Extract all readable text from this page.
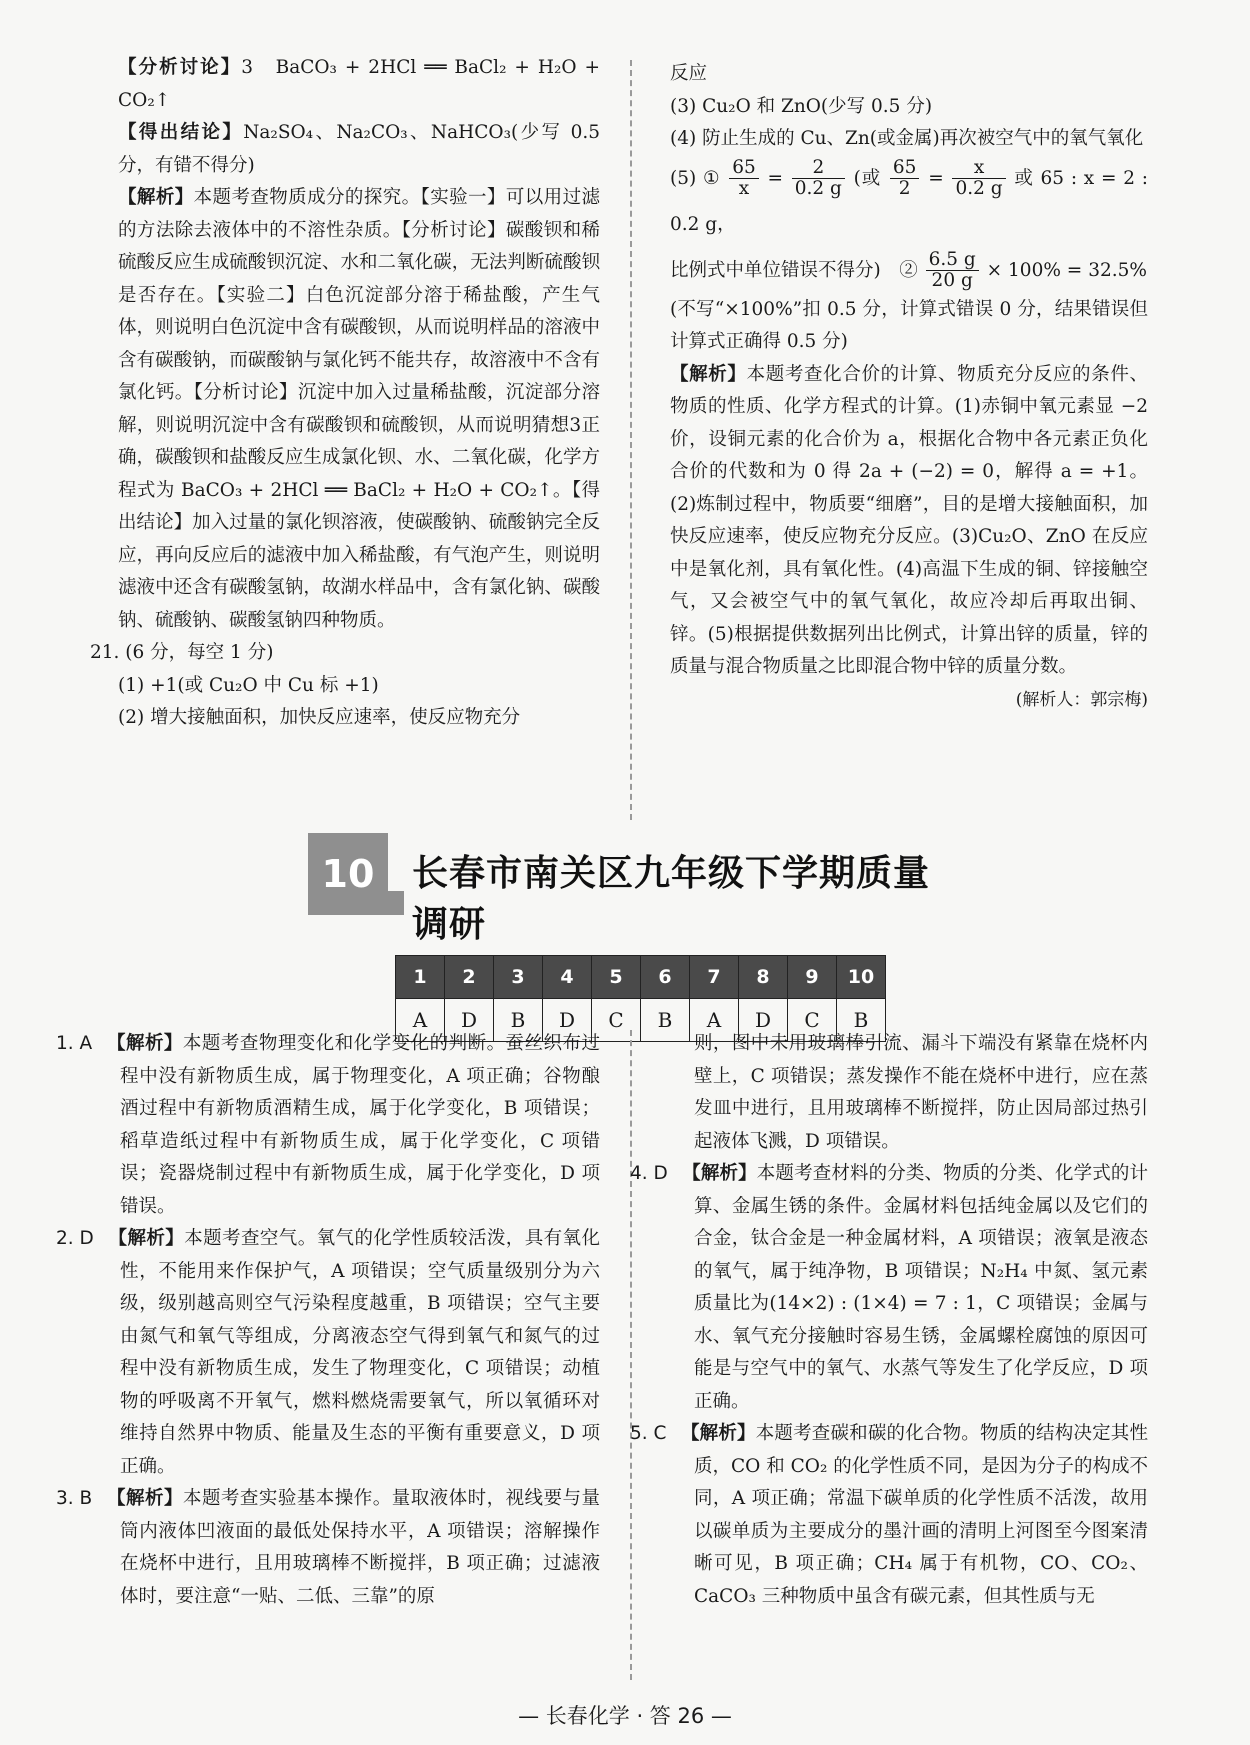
【分析讨论】3　BaCO₃ + 2HCl ══ BaCl₂ + H₂O + CO₂↑

【得出结论】Na₂SO₄、Na₂CO₃、NaHCO₃(少写 0.5 分，有错不得分)

【解析】本题考查物质成分的探究。【实验一】可以用过滤的方法除去液体中的不溶性杂质。【分析讨论】碳酸钡和稀硫酸反应生成硫酸钡沉淀、水和二氧化碳，无法判断硫酸钡是否存在。【实验二】白色沉淀部分溶于稀盐酸，产生气体，则说明白色沉淀中含有碳酸钡，从而说明样品的溶液中含有碳酸钠，而碳酸钠与氯化钙不能共存，故溶液中不含有氯化钙。【分析讨论】沉淀中加入过量稀盐酸，沉淀部分溶解，则说明沉淀中含有碳酸钡和硫酸钡，从而说明猜想3正确，碳酸钡和盐酸反应生成氯化钡、水、二氧化碳，化学方程式为 BaCO₃ + 2HCl ══ BaCl₂ + H₂O + CO₂↑。【得出结论】加入过量的氯化钡溶液，使碳酸钠、硫酸钠完全反应，再向反应后的滤液中加入稀盐酸，有气泡产生，则说明滤液中还含有碳酸氢钠，故湖水样品中，含有氯化钠、碳酸钠、硫酸钠、碳酸氢钠四种物质。

21. (6 分，每空 1 分)

(1) +1(或 Cu₂O 中 Cu 标 +1)

(2) 增大接触面积，加快反应速率，使反应物充分

反应

(3) Cu₂O 和 ZnO(少写 0.5 分)

(4) 防止生成的 Cu、Zn(或金属)再次被空气中的氧气氧化

(5) ① $\frac{65}{x} = \frac{2}{0.2 g}$ (或 $\frac{65}{2} = \frac{x}{0.2 g}$ 或 65 : x = 2 : 0.2 g，

比例式中单位错误不得分)　② $\frac{6.5 g}{20 g} \times 100\% = 32.5\%$

(不写“×100%”扣 0.5 分，计算式错误 0 分，结果错误但计算式正确得 0.5 分)

【解析】本题考查化合价的计算、物质充分反应的条件、物质的性质、化学方程式的计算。(1)赤铜中氧元素显 −2 价，设铜元素的化合价为 a，根据化合物中各元素正负化合价的代数和为 0 得 2a + (−2) = 0，解得 a = +1。(2)炼制过程中，物质要“细磨”，目的是增大接触面积，加快反应速率，使反应物充分反应。(3)Cu₂O、ZnO 在反应中是氧化剂，具有氧化性。(4)高温下生成的铜、锌接触空气，又会被空气中的氧气氧化，故应冷却后再取出铜、锌。(5)根据提供数据列出比例式，计算出锌的质量，锌的质量与混合物质量之比即混合物中锌的质量分数。

(解析人：郭宗梅)

10	长春市南关区九年级下学期质量调研
1	2	3	4	5	6	7	8	9	10
A	D	B	D	C	B	A	D	C	B

1. A 【解析】本题考查物理变化和化学变化的判断。蚕丝织布过程中没有新物质生成，属于物理变化，A 项正确；谷物酿酒过程中有新物质酒精生成，属于化学变化，B 项错误；稻草造纸过程中有新物质生成，属于化学变化，C 项错误；瓷器烧制过程中有新物质生成，属于化学变化，D 项错误。

2. D 【解析】本题考查空气。氧气的化学性质较活泼，具有氧化性，不能用来作保护气，A 项错误；空气质量级别分为六级，级别越高则空气污染程度越重，B 项错误；空气主要由氮气和氧气等组成，分离液态空气得到氧气和氮气的过程中没有新物质生成，发生了物理变化，C 项错误；动植物的呼吸离不开氧气，燃料燃烧需要氧气，所以氧循环对维持自然界中物质、能量及生态的平衡有重要意义，D 项正确。

3. B 【解析】本题考查实验基本操作。量取液体时，视线要与量筒内液体凹液面的最低处保持水平，A 项错误；溶解操作在烧杯中进行，且用玻璃棒不断搅拌，B 项正确；过滤液体时，要注意“一贴、二低、三靠”的原

则，图中未用玻璃棒引流、漏斗下端没有紧靠在烧杯内壁上，C 项错误；蒸发操作不能在烧杯中进行，应在蒸发皿中进行，且用玻璃棒不断搅拌，防止因局部过热引起液体飞溅，D 项错误。

4. D 【解析】本题考查材料的分类、物质的分类、化学式的计算、金属生锈的条件。金属材料包括纯金属以及它们的合金，钛合金是一种金属材料，A 项错误；液氧是液态的氧气，属于纯净物，B 项错误；N₂H₄ 中氮、氢元素质量比为(14×2) : (1×4) = 7 : 1，C 项错误；金属与水、氧气充分接触时容易生锈，金属螺栓腐蚀的原因可能是与空气中的氧气、水蒸气等发生了化学反应，D 项正确。

5. C 【解析】本题考查碳和碳的化合物。物质的结构决定其性质，CO 和 CO₂ 的化学性质不同，是因为分子的构成不同，A 项正确；常温下碳单质的化学性质不活泼，故用以碳单质为主要成分的墨汁画的清明上河图至今图案清晰可见，B 项正确；CH₄ 属于有机物，CO、CO₂、CaCO₃ 三种物质中虽含有碳元素，但其性质与无

— 长春化学 · 答 26 —
